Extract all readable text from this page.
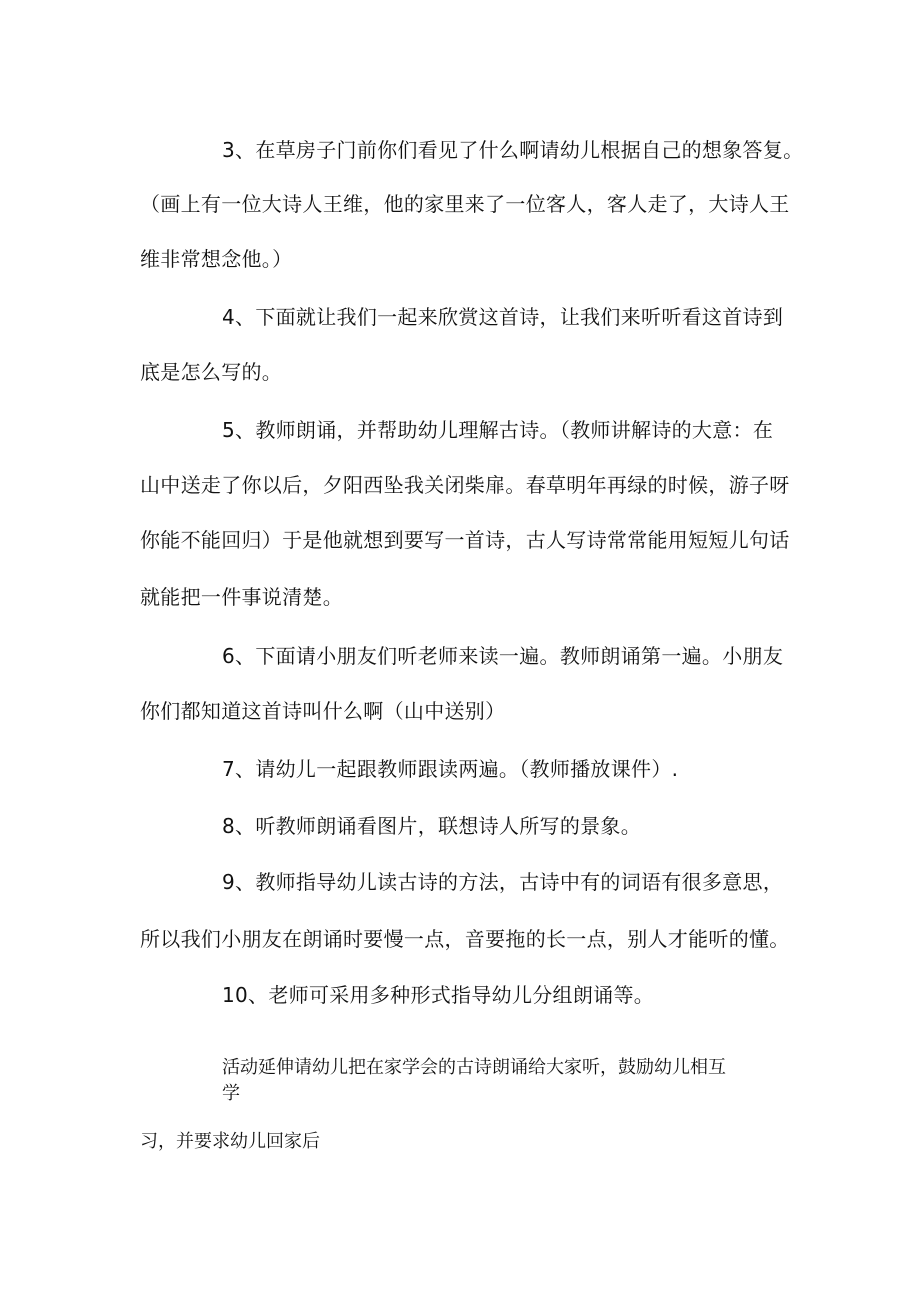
3、在草房子门前你们看见了什么啊请幼儿根据自己的想象答复。
（画上有一位大诗人王维，他的家里来了一位客人，客人走了，大诗人王
维非常想念他。）
4、下面就让我们一起来欣赏这首诗，让我们来听听看这首诗到
底是怎么写的。
5、教师朗诵，并帮助幼儿理解古诗。（教师讲解诗的大意：在
山中送走了你以后，夕阳西坠我关闭柴扉。春草明年再绿的时候，游子呀
你能不能回归）于是他就想到要写一首诗，古人写诗常常能用短短儿句话
就能把一件事说清楚。
6、下面请小朋友们听老师来读一遍。教师朗诵第一遍。小朋友
你们都知道这首诗叫什么啊（山中送别）
7、请幼儿一起跟教师跟读两遍。（教师播放课件）.
8、听教师朗诵看图片，联想诗人所写的景象。
9、教师指导幼儿读古诗的方法，古诗中有的词语有很多意思，
所以我们小朋友在朗诵时要慢一点，音要拖的长一点，别人才能听的懂。
10、老师可采用多种形式指导幼儿分组朗诵等。
活动延伸请幼儿把在家学会的古诗朗诵给大家听，鼓励幼儿相互
学
习，并要求幼儿回家后
